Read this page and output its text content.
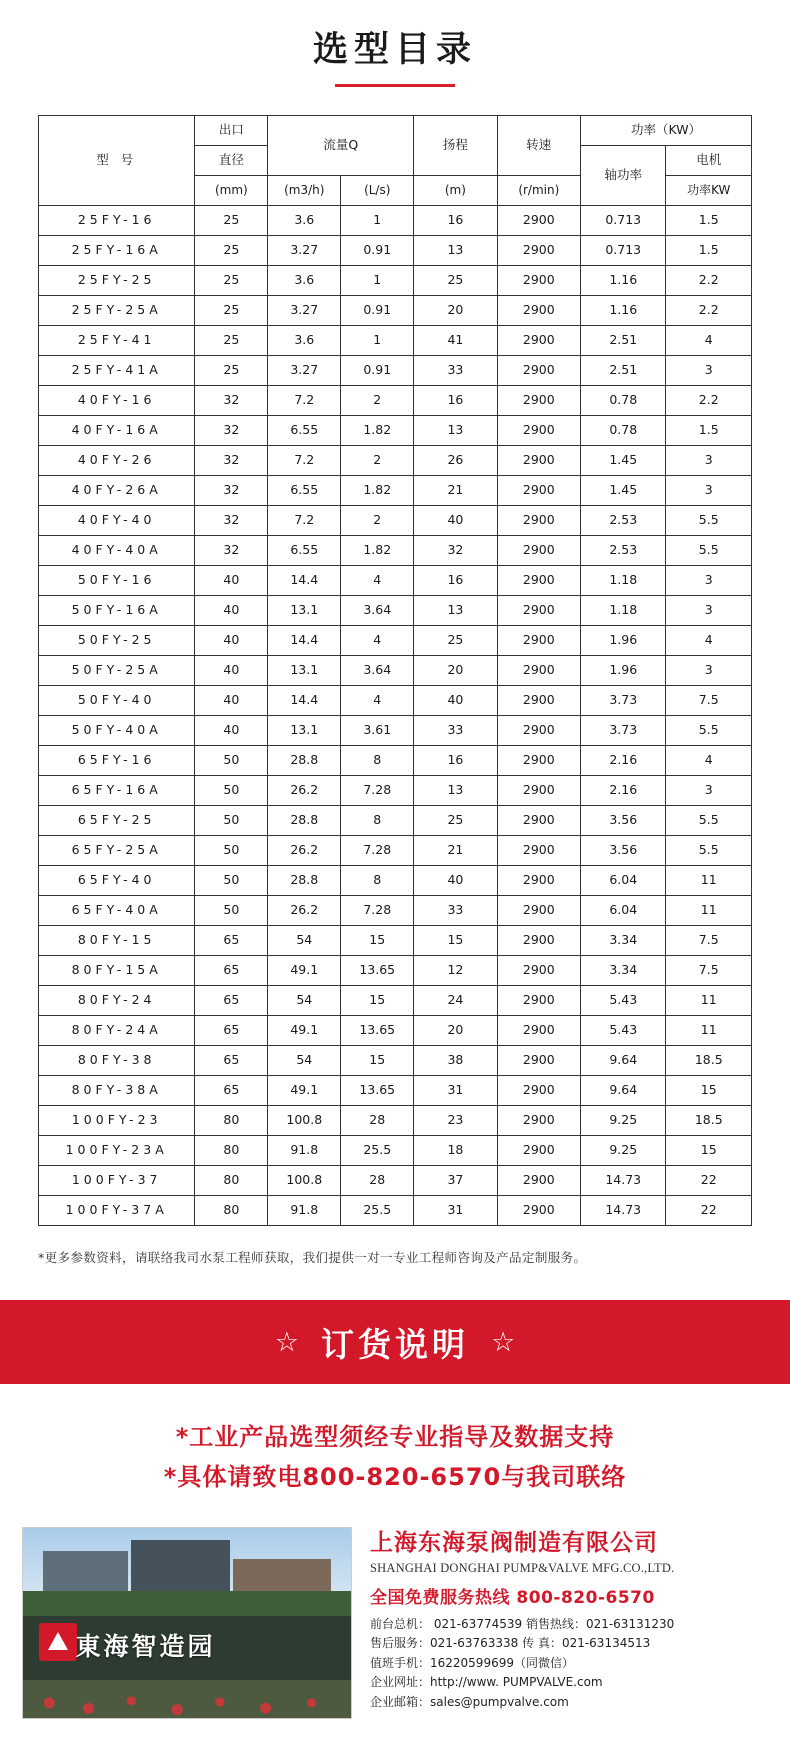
选型目录
型 号	出口	流量Q		扬程	转速	功率（KW）	
	直径					轴功率	电机
	(mm)	(m3/h)	(L/s)	(m)	(r/min)		功率KW
25FY-16	25	3.6	1	16	2900	0.713	1.5
25FY-16A	25	3.27	0.91	13	2900	0.713	1.5
25FY-25	25	3.6	1	25	2900	1.16	2.2
25FY-25A	25	3.27	0.91	20	2900	1.16	2.2
25FY-41	25	3.6	1	41	2900	2.51	4
25FY-41A	25	3.27	0.91	33	2900	2.51	3
40FY-16	32	7.2	2	16	2900	0.78	2.2
40FY-16A	32	6.55	1.82	13	2900	0.78	1.5
40FY-26	32	7.2	2	26	2900	1.45	3
40FY-26A	32	6.55	1.82	21	2900	1.45	3
40FY-40	32	7.2	2	40	2900	2.53	5.5
40FY-40A	32	6.55	1.82	32	2900	2.53	5.5
50FY-16	40	14.4	4	16	2900	1.18	3
50FY-16A	40	13.1	3.64	13	2900	1.18	3
50FY-25	40	14.4	4	25	2900	1.96	4
50FY-25A	40	13.1	3.64	20	2900	1.96	3
50FY-40	40	14.4	4	40	2900	3.73	7.5
50FY-40A	40	13.1	3.61	33	2900	3.73	5.5
65FY-16	50	28.8	8	16	2900	2.16	4
65FY-16A	50	26.2	7.28	13	2900	2.16	3
65FY-25	50	28.8	8	25	2900	3.56	5.5
65FY-25A	50	26.2	7.28	21	2900	3.56	5.5
65FY-40	50	28.8	8	40	2900	6.04	11
65FY-40A	50	26.2	7.28	33	2900	6.04	11
80FY-15	65	54	15	15	2900	3.34	7.5
80FY-15A	65	49.1	13.65	12	2900	3.34	7.5
80FY-24	65	54	15	24	2900	5.43	11
80FY-24A	65	49.1	13.65	20	2900	5.43	11
80FY-38	65	54	15	38	2900	9.64	18.5
80FY-38A	65	49.1	13.65	31	2900	9.64	15
100FY-23	80	100.8	28	23	2900	9.25	18.5
100FY-23A	80	91.8	25.5	18	2900	9.25	15
100FY-37	80	100.8	28	37	2900	14.73	22
100FY-37A	80	91.8	25.5	31	2900	14.73	22
*更多参数资料，请联络我司水泵工程师获取，我们提供一对一专业工程师咨询及产品定制服务。
☆ 订货说明 ☆
*工业产品选型须经专业指导及数据支持
*具体请致电800-820-6570与我司联络
東海智造园
上海东海泵阀制造有限公司
SHANGHAI DONGHAI PUMP&VALVE MFG.CO.,LTD.
全国免费服务热线 800-820-6570
前台总机： 021-63774539 销售热线：021-63131230
售后服务：021-63763338 传 真：021-63134513
值班手机：16220599699（同微信）
企业网址：http://www. PUMPVALVE.com
企业邮箱：sales@pumpvalve.com
